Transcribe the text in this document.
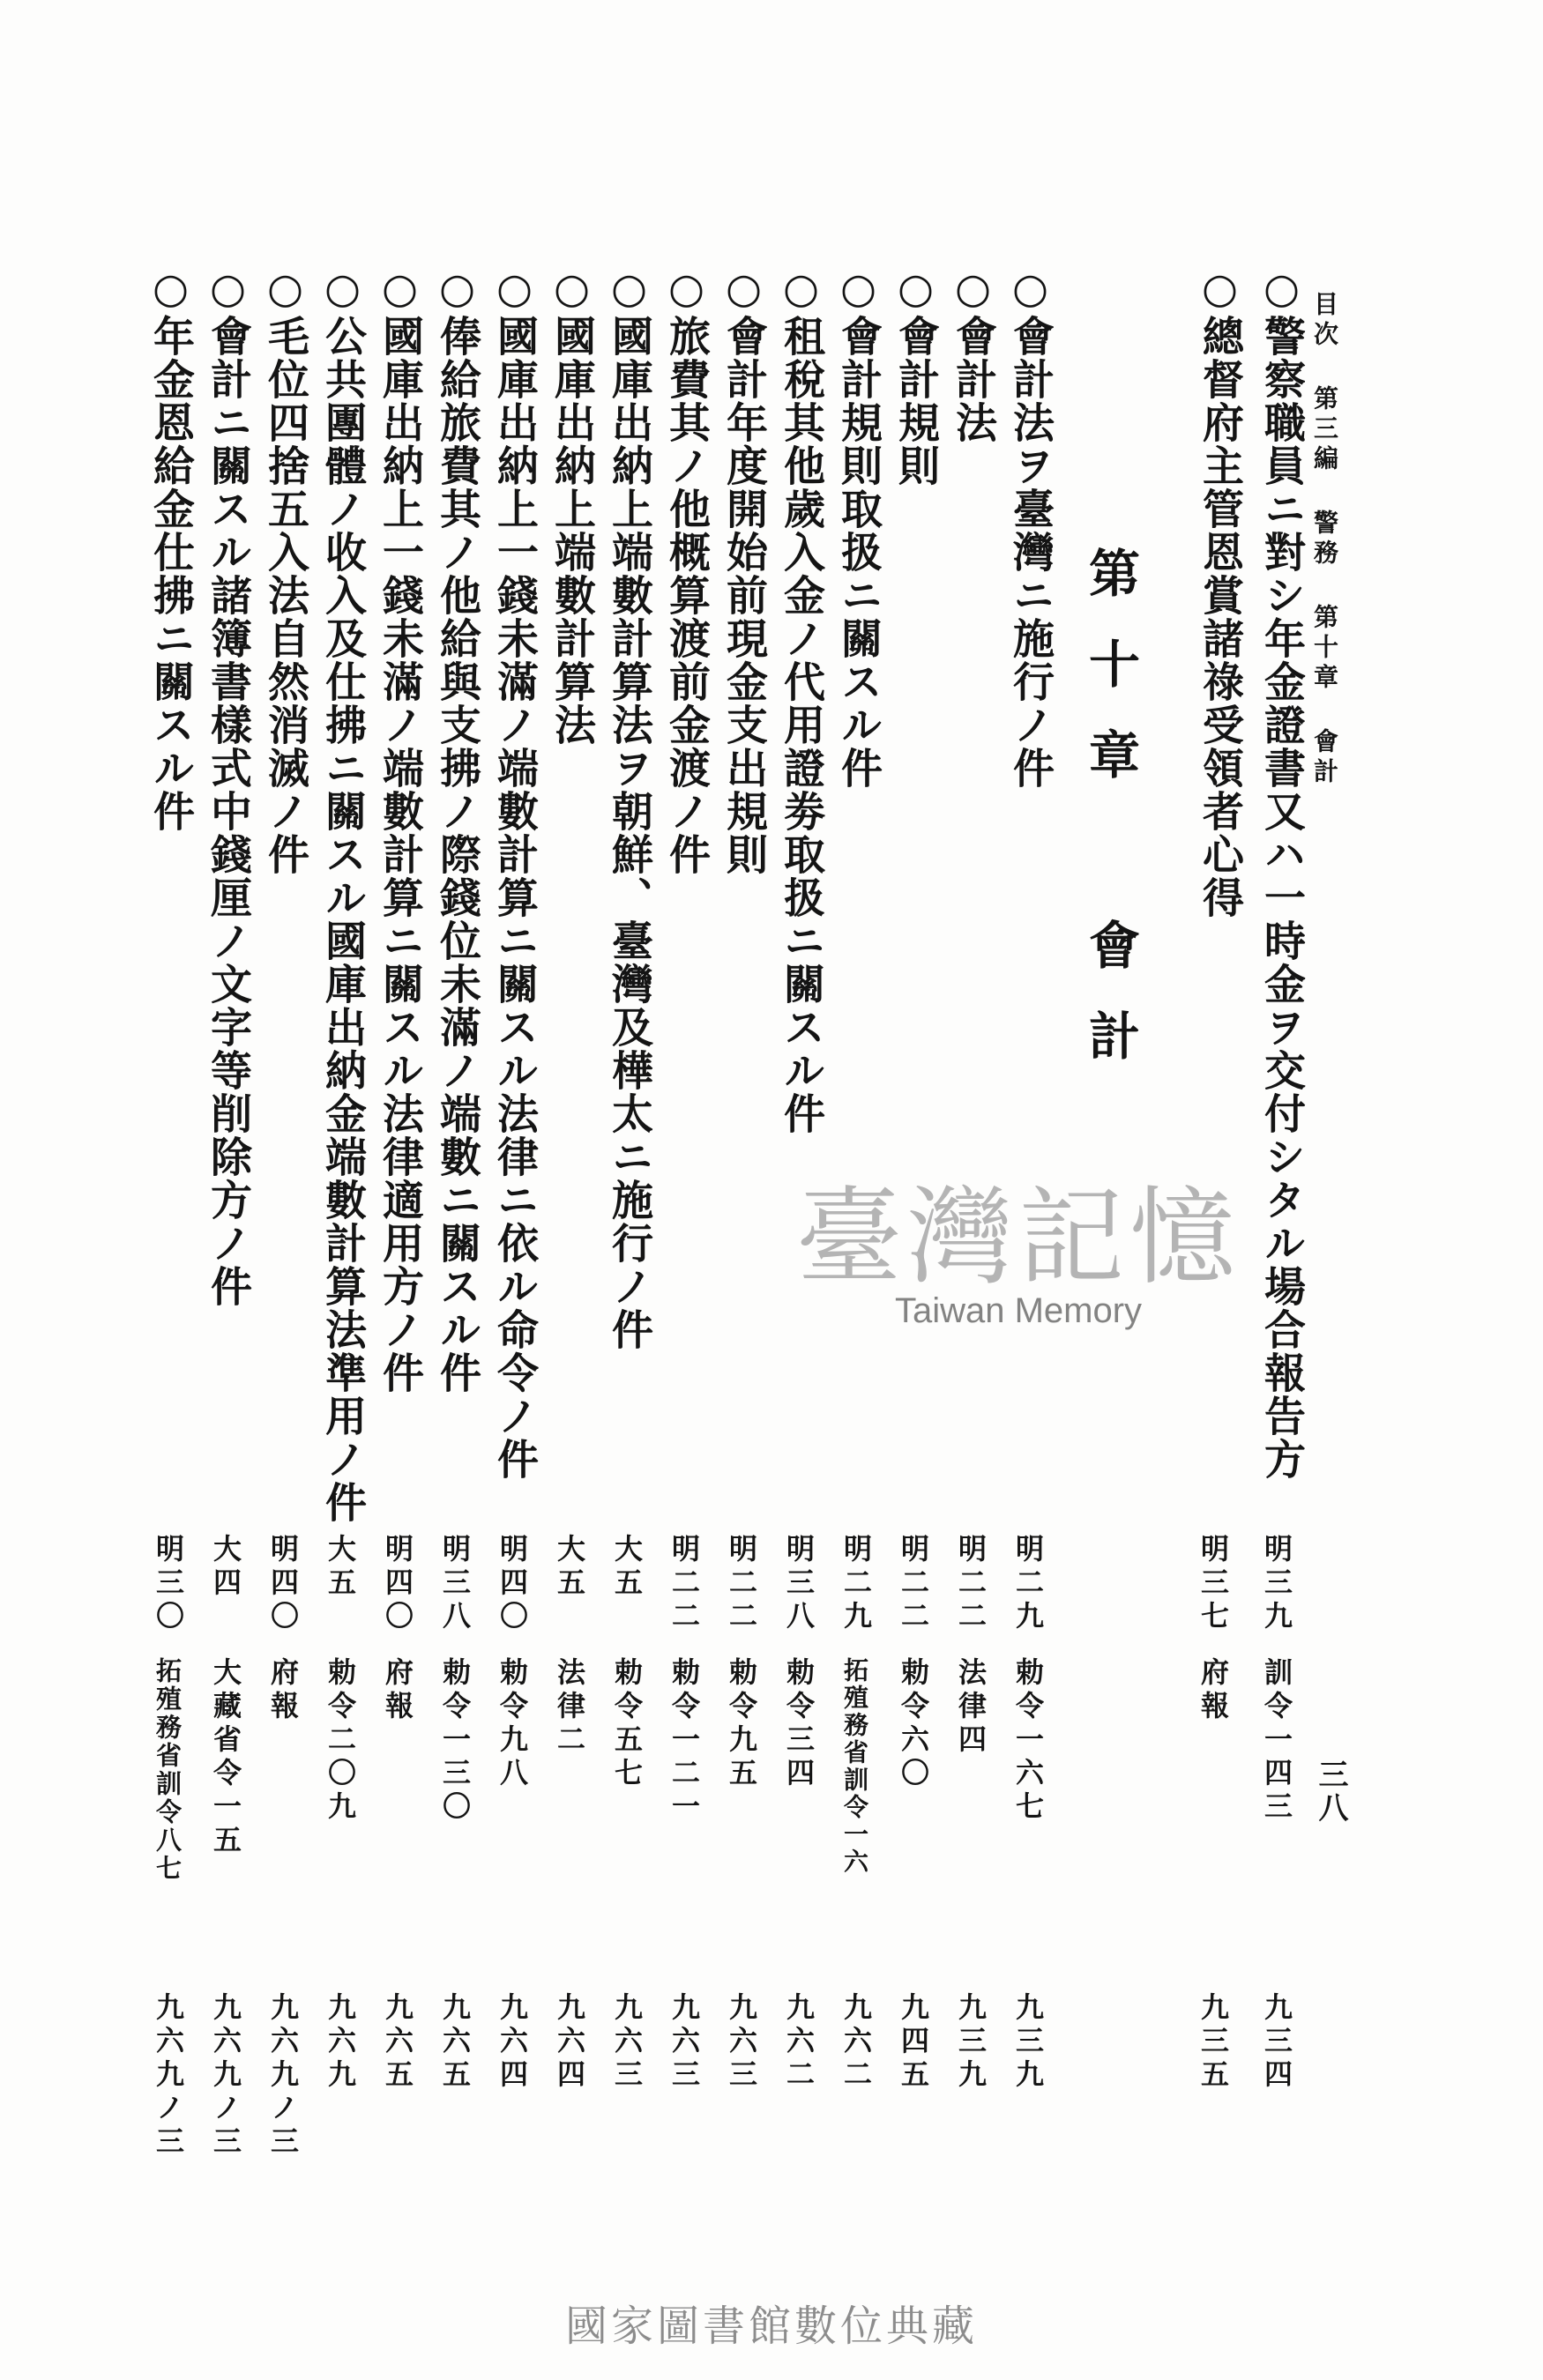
目次 第三編 警務 第十章 會計
三八
第十章 會計	○警察職員ニ對シ年金證書又ハ一時金ヲ交付シタル場合報告方
○總督府主管恩賞諸祿受領者心得
○會計法ヲ臺灣ニ施行ノ件
○會計法
○會計規則
○會計規則取扱ニ關スル件
○租稅其他歲入金ノ代用證劵取扱ニ關スル件
○會計年度開始前現金支出規則
○旅費其ノ他概算渡前金渡ノ件
○國庫出納上端數計算法ヲ朝鮮、臺灣及樺太ニ施行ノ件
○國庫出納上端數計算法
○國庫出納上一錢未滿ノ端數計算ニ關スル法律ニ依ル命令ノ件
○俸給旅費其ノ他給與支拂ノ際錢位未滿ノ端數ニ關スル件
○國庫出納上一錢未滿ノ端數計算ニ關スル法律適用方ノ件
○公共團體ノ收入及仕拂ニ關スル國庫出納金端數計算法準用ノ件
○毛位四捨五入法自然消滅ノ件
○會計ニ關スル諸簿書樣式中錢厘ノ文字等削除方ノ件
○年金恩給金仕拂ニ關スル件
明三九
訓令一四三
九三四
明三七
府報
九三五
明二九
勅令一六七
九三九
明二二
法律四
九三九
明二二
勅令六〇
九四五
明二九
拓殖務省訓令一六
九六二
明三八
勅令三四
九六二
明二二
勅令九五
九六三
明二二
勅令一二一
九六三
大五
勅令五七
九六三
大五
法律二
九六四
明四〇
勅令九八
九六四
明三八
勅令一三〇
九六五
明四〇
府報
九六五
大五
勅令二〇九
九六九
明四〇
府報
九六九ノ三
大四
大藏省令一五
九六九ノ三
明三〇
拓殖務省訓令八七
九六九ノ三
臺灣記憶
Taiwan Memory
國家圖書館數位典藏
